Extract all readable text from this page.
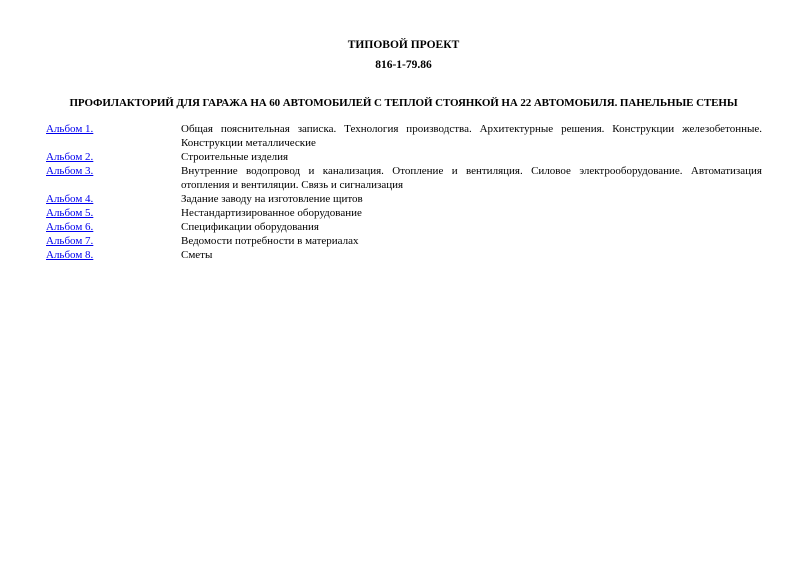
ТИПОВОЙ ПРОЕКТ
816-1-79.86
ПРОФИЛАКТОРИЙ ДЛЯ ГАРАЖА НА 60 АВТОМОБИЛЕЙ С ТЕПЛОЙ СТОЯНКОЙ НА 22 АВТОМОБИЛЯ. ПАНЕЛЬНЫЕ СТЕНЫ
Альбом 1.	Общая пояснительная записка. Технология производства. Архитектурные решения. Конструкции железобетонные. Конструкции металлические
Альбом 2.	Строительные изделия
Альбом 3.	Внутренние водопровод и канализация. Отопление и вентиляция. Силовое электрооборудование. Автоматизация отопления и вентиляции. Связь и сигнализация
Альбом 4.	Задание заводу на изготовление щитов
Альбом 5.	Нестандартизированное оборудование
Альбом 6.	Спецификации оборудования
Альбом 7.	Ведомости потребности в материалах
Альбом 8.	Сметы
